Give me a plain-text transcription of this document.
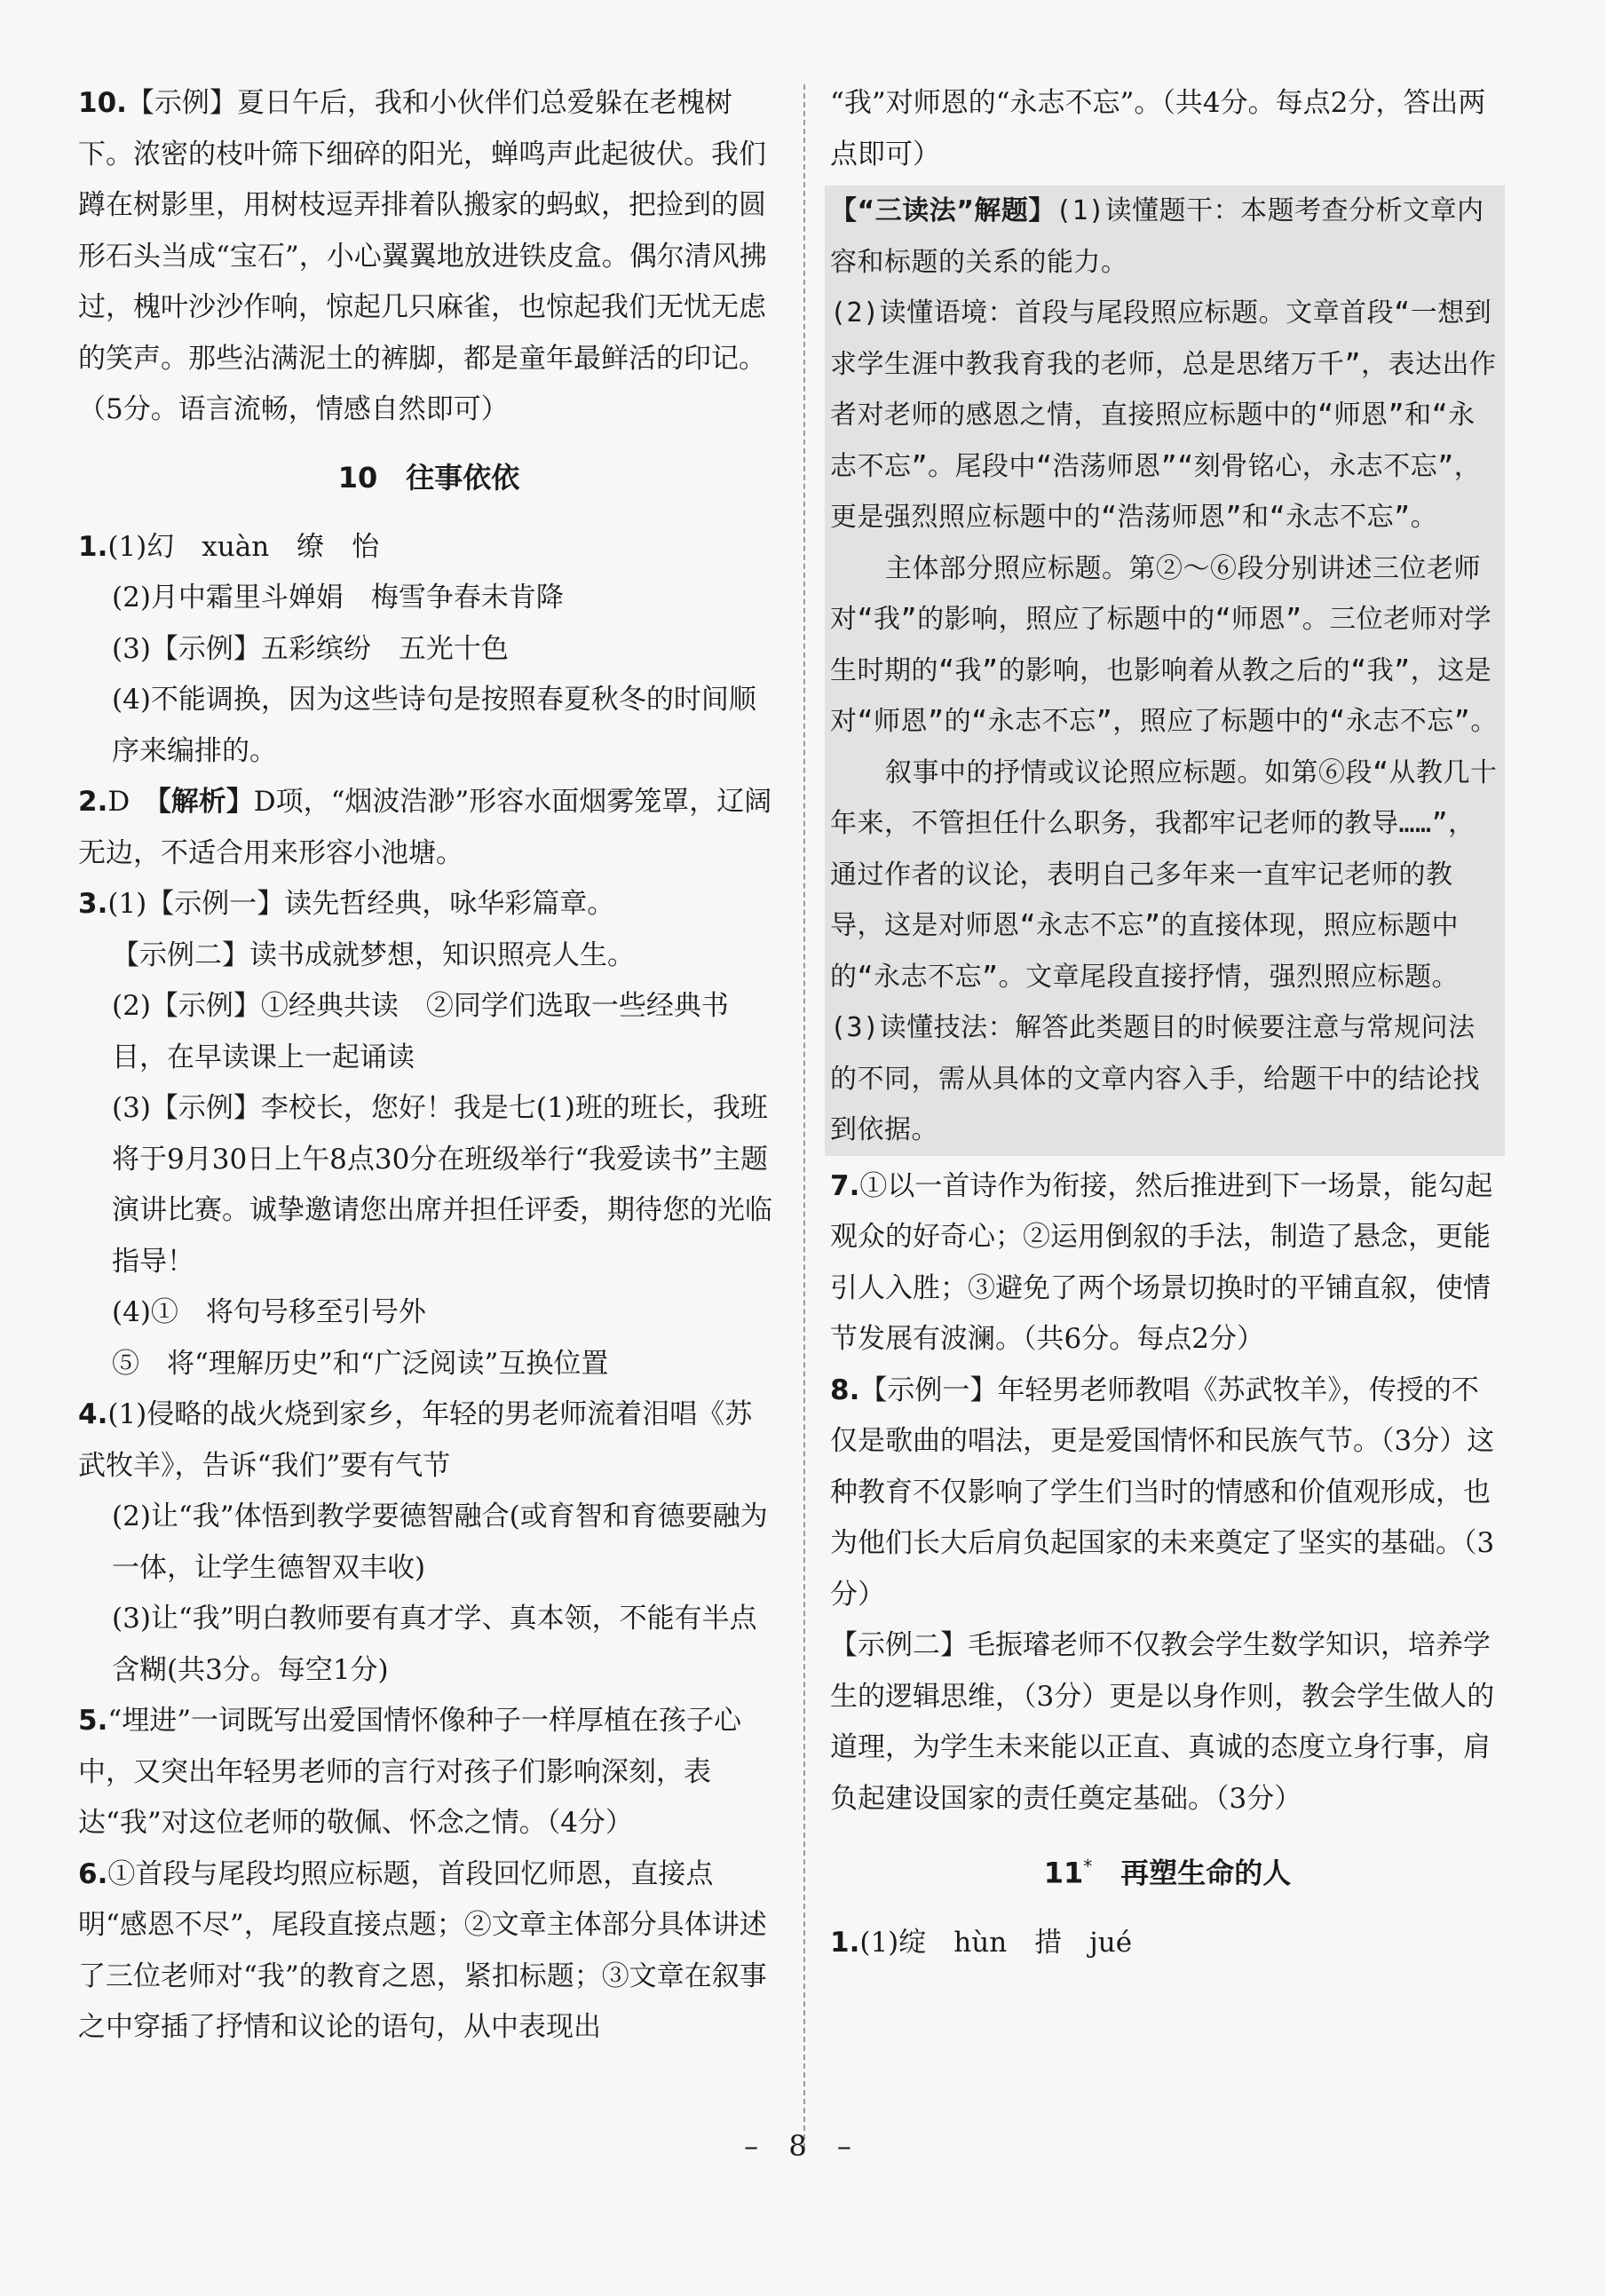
10.【示例】夏日午后，我和小伙伴们总爱躲在老槐树下。浓密的枝叶筛下细碎的阳光，蝉鸣声此起彼伏。我们蹲在树影里，用树枝逗弄排着队搬家的蚂蚁，把捡到的圆形石头当成“宝石”，小心翼翼地放进铁皮盒。偶尔清风拂过，槐叶沙沙作响，惊起几只麻雀，也惊起我们无忧无虑的笑声。那些沾满泥土的裤脚，都是童年最鲜活的印记。（5分。语言流畅，情感自然即可）

10　往事依依

1.(1)幻　xuàn　缭　怡

(2)月中霜里斗婵娟　梅雪争春未肯降

(3)【示例】五彩缤纷　五光十色

(4)不能调换，因为这些诗句是按照春夏秋冬的时间顺序来编排的。

2.D　 【解析】D项，“烟波浩渺”形容水面烟雾笼罩，辽阔无边，不适合用来形容小池塘。

3.(1)【示例一】读先哲经典，咏华彩篇章。

【示例二】读书成就梦想，知识照亮人生。

(2)【示例】①经典共读　②同学们选取一些经典书目，在早读课上一起诵读

(3)【示例】李校长，您好！我是七(1)班的班长，我班将于9月30日上午8点30分在班级举行“我爱读书”主题演讲比赛。诚挚邀请您出席并担任评委，期待您的光临指导！

(4)①　将句号移至引号外

⑤　将“理解历史”和“广泛阅读”互换位置

4.(1)侵略的战火烧到家乡，年轻的男老师流着泪唱《苏武牧羊》，告诉“我们”要有气节

(2)让“我”体悟到教学要德智融合(或育智和育德要融为一体，让学生德智双丰收)

(3)让“我”明白教师要有真才学、真本领，不能有半点含糊(共3分。每空1分)

5.“埋进”一词既写出爱国情怀像种子一样厚植在孩子心中，又突出年轻男老师的言行对孩子们影响深刻，表达“我”对这位老师的敬佩、怀念之情。（4分）

6.①首段与尾段均照应标题，首段回忆师恩，直接点明“感恩不尽”，尾段直接点题；②文章主体部分具体讲述了三位老师对“我”的教育之恩，紧扣标题；③文章在叙事之中穿插了抒情和议论的语句，从中表现出

“我”对师恩的“永志不忘”。（共4分。每点2分，答出两点即可）

【“三读法”解题】(1)读懂题干：本题考查分析文章内容和标题的关系的能力。

(2)读懂语境：首段与尾段照应标题。文章首段“一想到求学生涯中教我育我的老师，总是思绪万千”，表达出作者对老师的感恩之情，直接照应标题中的“师恩”和“永志不忘”。尾段中“浩荡师恩”“刻骨铭心，永志不忘”，更是强烈照应标题中的“浩荡师恩”和“永志不忘”。

主体部分照应标题。第②～⑥段分别讲述三位老师对“我”的影响，照应了标题中的“师恩”。三位老师对学生时期的“我”的影响，也影响着从教之后的“我”，这是对“师恩”的“永志不忘”，照应了标题中的“永志不忘”。

叙事中的抒情或议论照应标题。如第⑥段“从教几十年来，不管担任什么职务，我都牢记老师的教导……”，通过作者的议论，表明自己多年来一直牢记老师的教导，这是对师恩“永志不忘”的直接体现，照应标题中的“永志不忘”。文章尾段直接抒情，强烈照应标题。

(3)读懂技法：解答此类题目的时候要注意与常规问法的不同，需从具体的文章内容入手，给题干中的结论找到依据。

7.①以一首诗作为衔接，然后推进到下一场景，能勾起观众的好奇心；②运用倒叙的手法，制造了悬念，更能引人入胜；③避免了两个场景切换时的平铺直叙，使情节发展有波澜。（共6分。每点2分）

8.【示例一】年轻男老师教唱《苏武牧羊》，传授的不仅是歌曲的唱法，更是爱国情怀和民族气节。（3分）这种教育不仅影响了学生们当时的情感和价值观形成，也为他们长大后肩负起国家的未来奠定了坚实的基础。（3分）

【示例二】毛振璿老师不仅教会学生数学知识，培养学生的逻辑思维，（3分）更是以身作则，教会学生做人的道理，为学生未来能以正直、真诚的态度立身行事，肩负起建设国家的责任奠定基础。（3分）

11*　 再塑生命的人

1.(1)绽　hùn　措　jué

– 8 –
